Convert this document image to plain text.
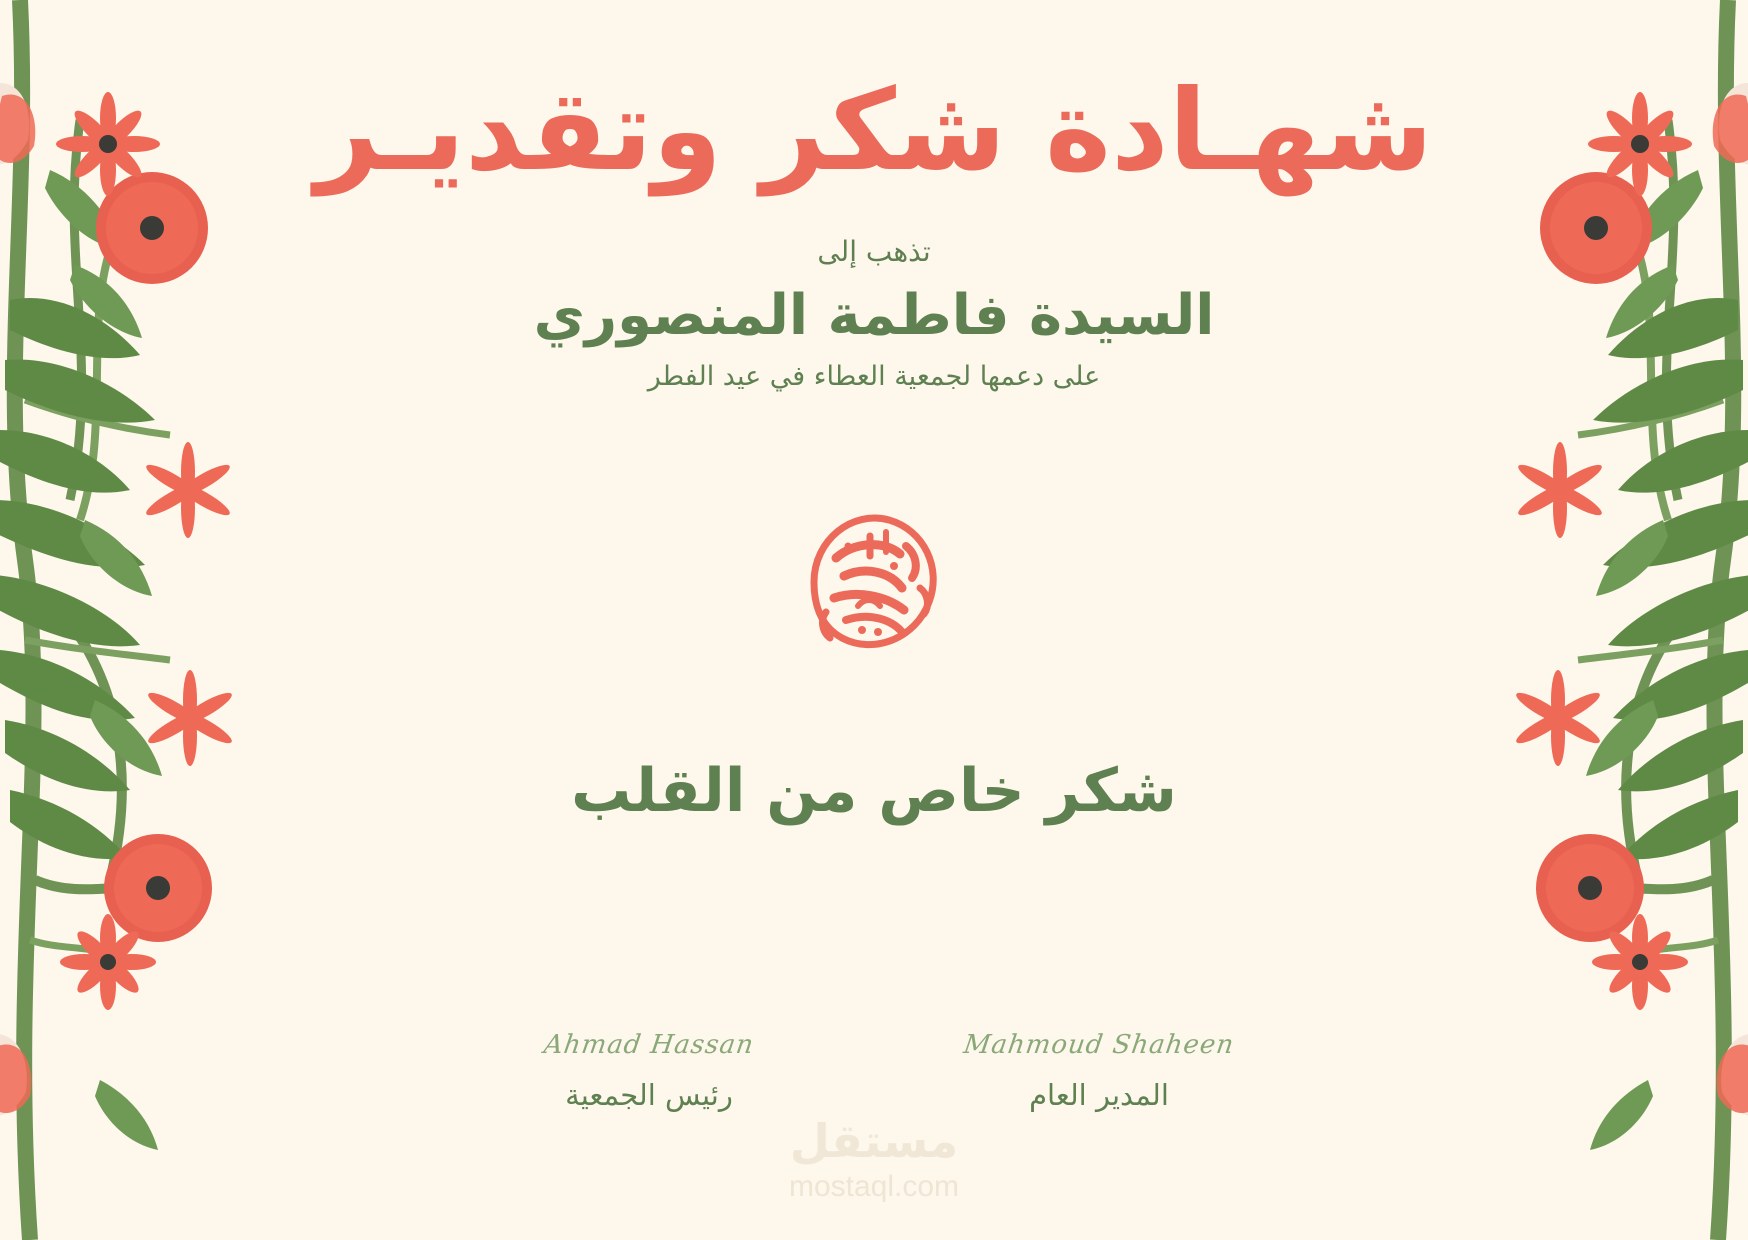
شهـادة شكر وتقديـر
تذهب إلى
السيدة فاطمة المنصوري
على دعمها لجمعية العطاء في عيد الفطر
شكر خاص من القلب
Mahmoud Shaheen
المدير العام
Ahmad Hassan
رئيس الجمعية
مستقل
mostaql.com
